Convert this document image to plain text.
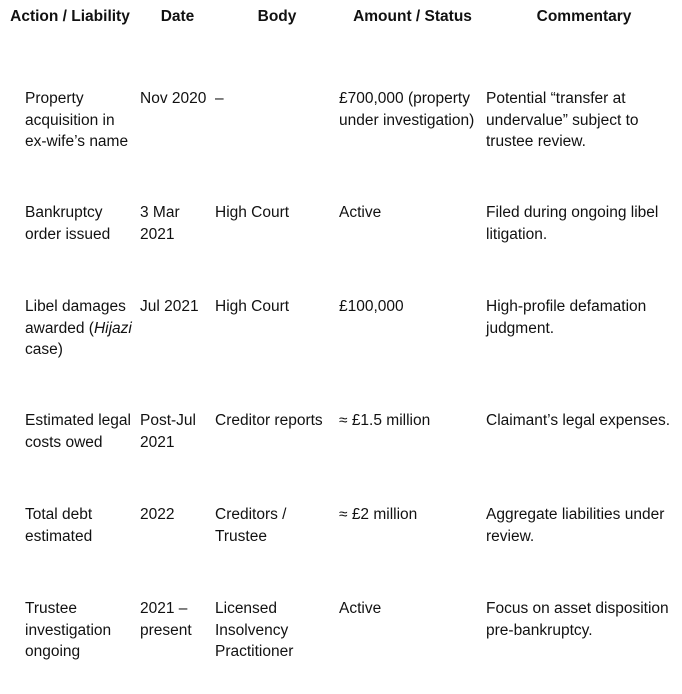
Action / Liability	Date	Body	Amount / Status	Commentary
Property acquisition in ex-wife’s name	Nov 2020	–	£700,000 (property under investigation)	Potential “transfer at undervalue” subject to trustee review.
Bankruptcy order issued	3 Mar 2021	High Court	Active	Filed during ongoing libel litigation.
Libel damages awarded (Hijazi case)	Jul 2021	High Court	£100,000	High-profile defamation judgment.
Estimated legal costs owed	Post-Jul 2021	Creditor reports	≈ £1.5 million	Claimant’s legal expenses.
Total debt estimated	2022	Creditors / Trustee	≈ £2 million	Aggregate liabilities under review.
Trustee investigation ongoing	2021 – present	Licensed Insolvency Practitioner	Active	Focus on asset disposition pre-bankruptcy.
